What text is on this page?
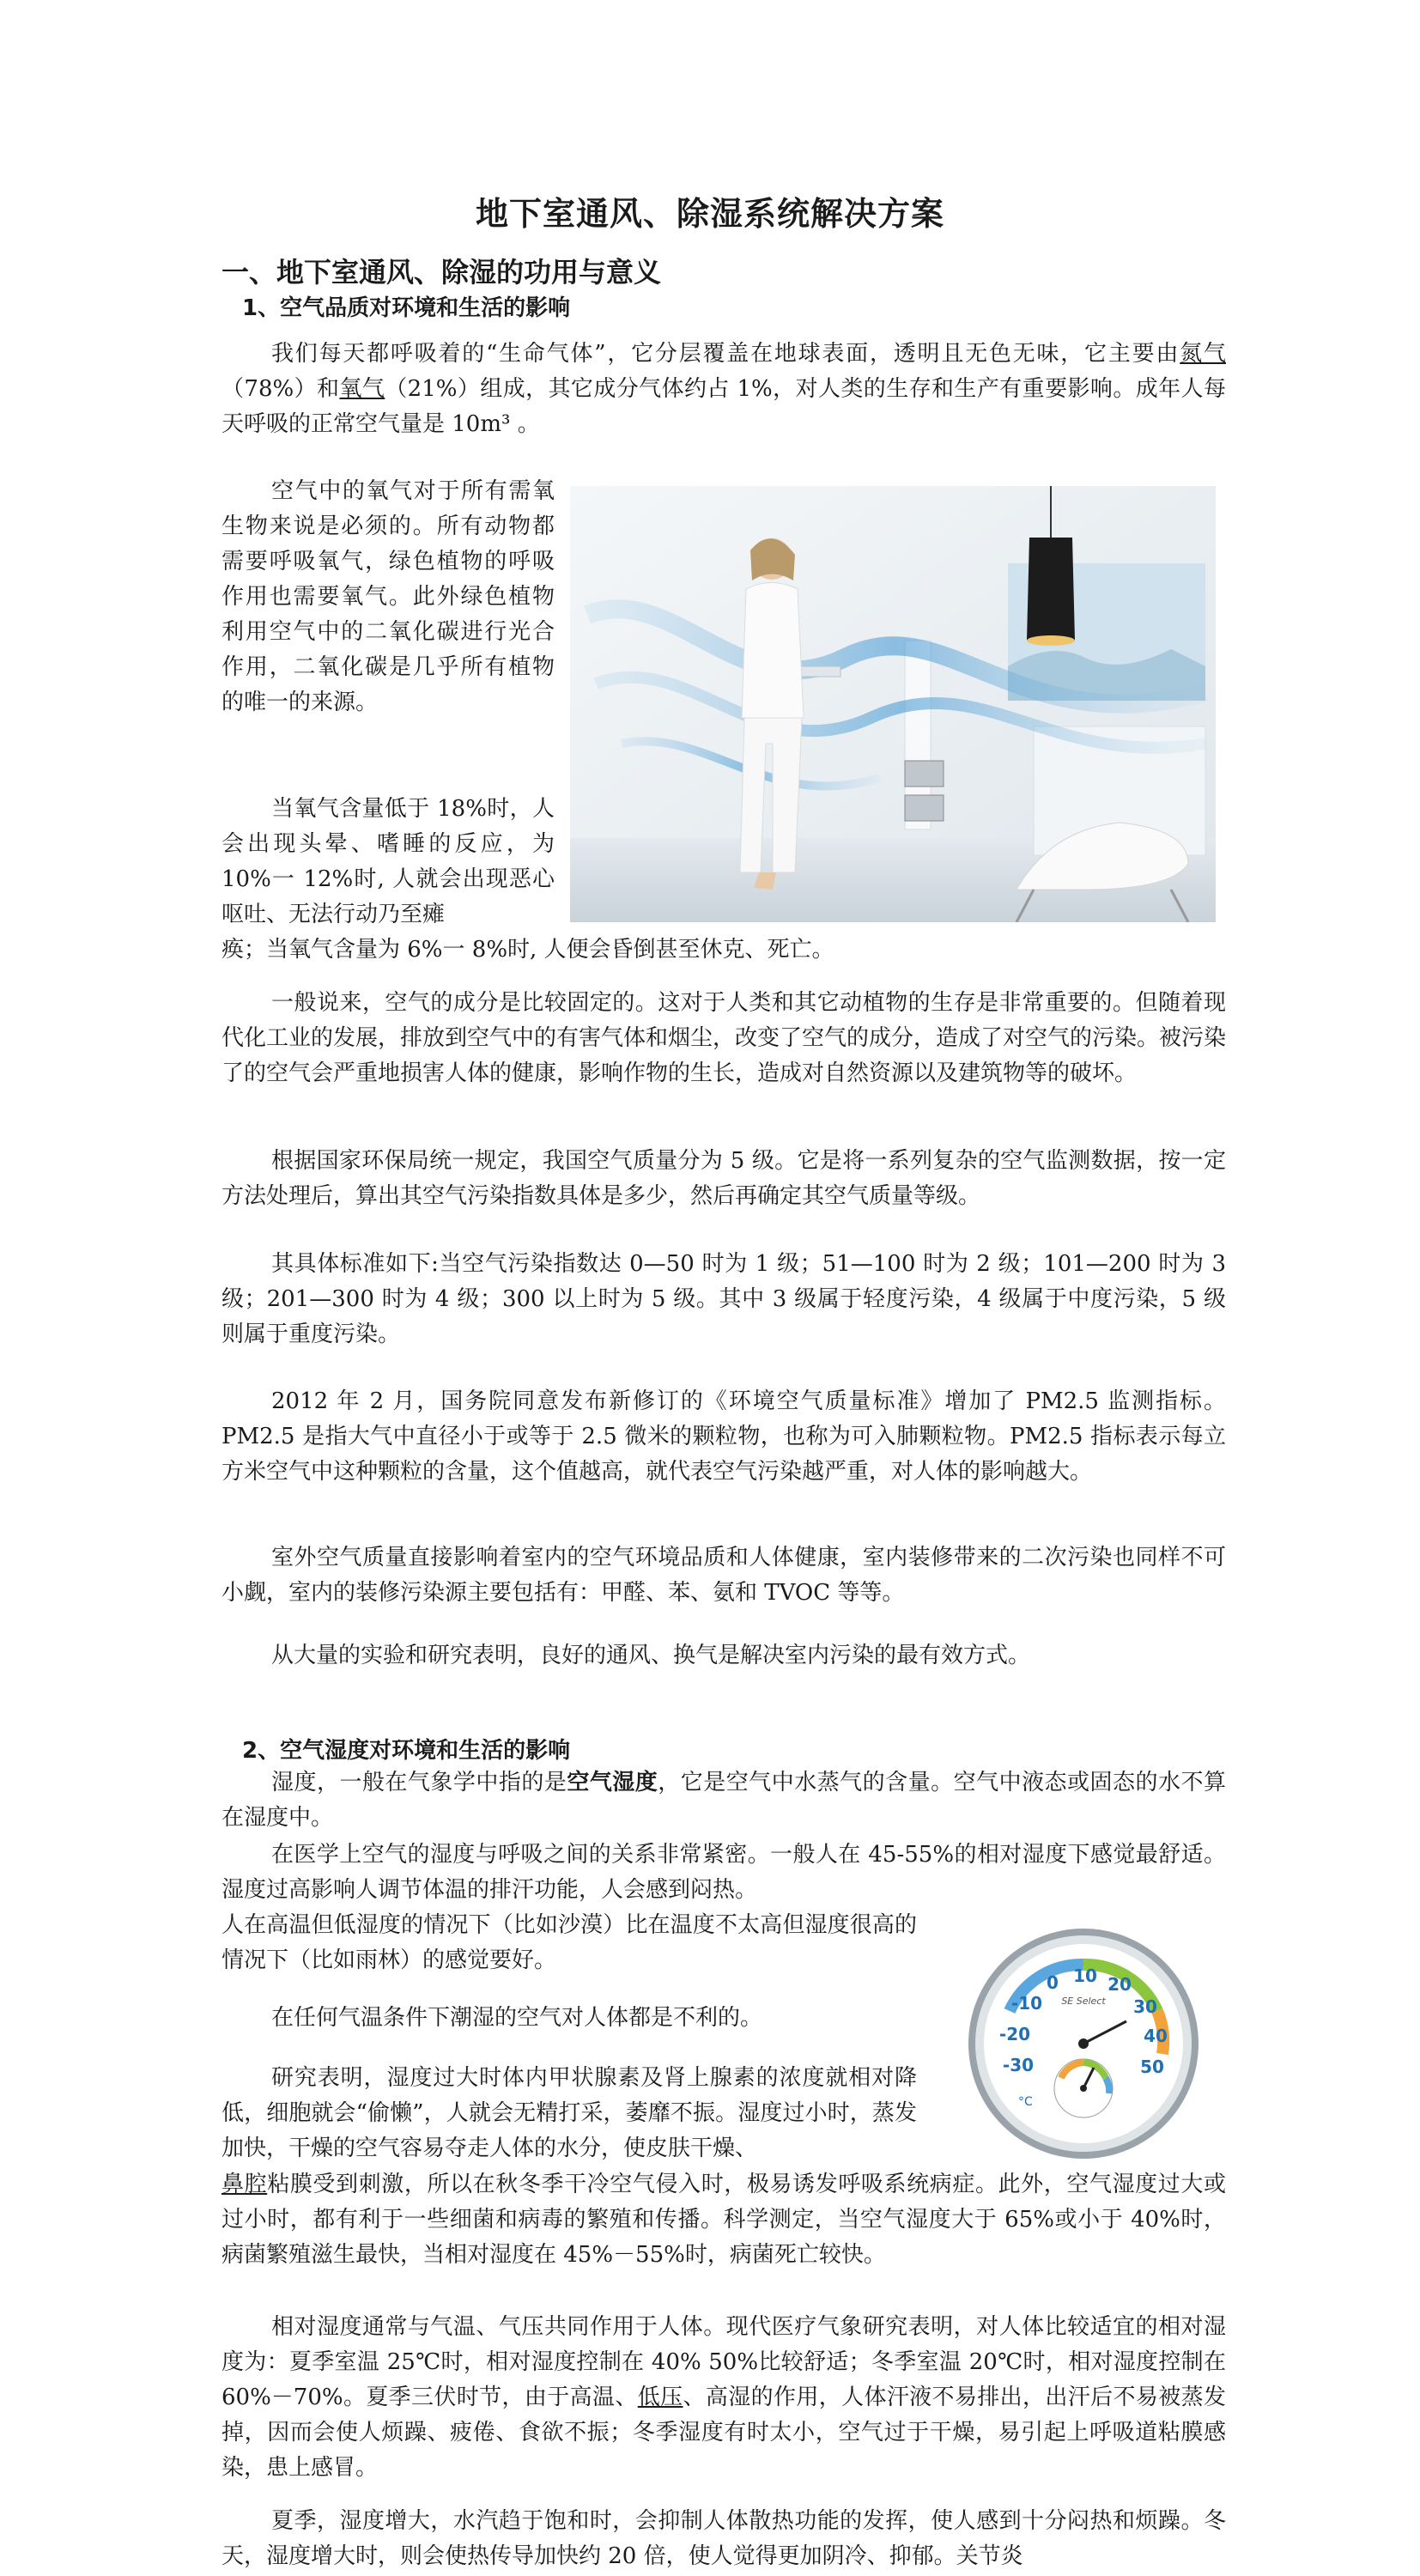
地下室通风、除湿系统解决方案
一、地下室通风、除湿的功用与意义
1、空气品质对环境和生活的影响

我们每天都呼吸着的“生命气体”，它分层覆盖在地球表面，透明且无色无味，它主要由氮气（78%）和氧气（21%）组成，其它成分气体约占 1%，对人类的生存和生产有重要影响。成年人每天呼吸的正常空气量是 10m³ 。

空气中的氧气对于所有需氧生物来说是必须的。所有动物都需要呼吸氧气，绿色植物的呼吸作用也需要氧气。此外绿色植物利用空气中的二氧化碳进行光合作用，二氧化碳是几乎所有植物的唯一的来源。

当氧气含量低于 18%时，人会出现头晕、嗜睡的反应，为 10%一 12%时, 人就会出现恶心呕吐、无法行动乃至瘫

痪；当氧气含量为 6%一 8%时, 人便会昏倒甚至休克、死亡。

一般说来，空气的成分是比较固定的。这对于人类和其它动植物的生存是非常重要的。但随着现代化工业的发展，排放到空气中的有害气体和烟尘，改变了空气的成分，造成了对空气的污染。被污染了的空气会严重地损害人体的健康，影响作物的生长，造成对自然资源以及建筑物等的破坏。

根据国家环保局统一规定，我国空气质量分为 5 级。它是将一系列复杂的空气监测数据，按一定方法处理后，算出其空气污染指数具体是多少，然后再确定其空气质量等级。

其具体标准如下:当空气污染指数达 0—50 时为 1 级；51—100 时为 2 级；101—200 时为 3 级；201—300 时为 4 级；300 以上时为 5 级。其中 3 级属于轻度污染，4 级属于中度污染，5 级则属于重度污染。

2012 年 2 月，国务院同意发布新修订的《环境空气质量标准》增加了 PM2.5 监测指标。PM2.5 是指大气中直径小于或等于 2.5 微米的颗粒物，也称为可入肺颗粒物。PM2.5 指标表示每立方米空气中这种颗粒的含量，这个值越高，就代表空气污染越严重，对人体的影响越大。

室外空气质量直接影响着室内的空气环境品质和人体健康，室内装修带来的二次污染也同样不可小觑，室内的装修污染源主要包括有：甲醛、苯、氨和 TVOC 等等。

从大量的实验和研究表明，良好的通风、换气是解决室内污染的最有效方式。

2、空气湿度对环境和生活的影响

湿度，一般在气象学中指的是空气湿度，它是空气中水蒸气的含量。空气中液态或固态的水不算在湿度中。

在医学上空气的湿度与呼吸之间的关系非常紧密。一般人在 45-55%的相对湿度下感觉最舒适。湿度过高影响人调节体温的排汗功能，人会感到闷热。

人在高温但低湿度的情况下（比如沙漠）比在温度不太高但湿度很高的情况下（比如雨林）的感觉要好。

在任何气温条件下潮湿的空气对人体都是不利的。

研究表明，湿度过大时体内甲状腺素及肾上腺素的浓度就相对降低，细胞就会“偷懒”，人就会无精打采，萎靡不振。湿度过小时，蒸发加快，干燥的空气容易夺走人体的水分，使皮肤干燥、

鼻腔粘膜受到刺激，所以在秋冬季干冷空气侵入时，极易诱发呼吸系统病症。此外，空气湿度过大或过小时，都有利于一些细菌和病毒的繁殖和传播。科学测定，当空气湿度大于 65%或小于 40%时，病菌繁殖滋生最快，当相对湿度在 45%－55%时，病菌死亡较快。

相对湿度通常与气温、气压共同作用于人体。现代医疗气象研究表明，对人体比较适宜的相对湿度为：夏季室温 25℃时，相对湿度控制在 40% 50%比较舒适；冬季室温 20℃时，相对湿度控制在 60%－70%。夏季三伏时节，由于高温、低压、高湿的作用，人体汗液不易排出，出汗后不易被蒸发掉，因而会使人烦躁、疲倦、食欲不振；冬季湿度有时太小，空气过于干燥，易引起上呼吸道粘膜感染，患上感冒。

夏季，湿度增大，水汽趋于饱和时，会抑制人体散热功能的发挥，使人感到十分闷热和烦躁。冬天，湿度增大时，则会使热传导加快约 20 倍，使人觉得更加阴冷、抑郁。关节炎

-30
-20
-10
0 10 20
30
40
50
SE Select
°C
